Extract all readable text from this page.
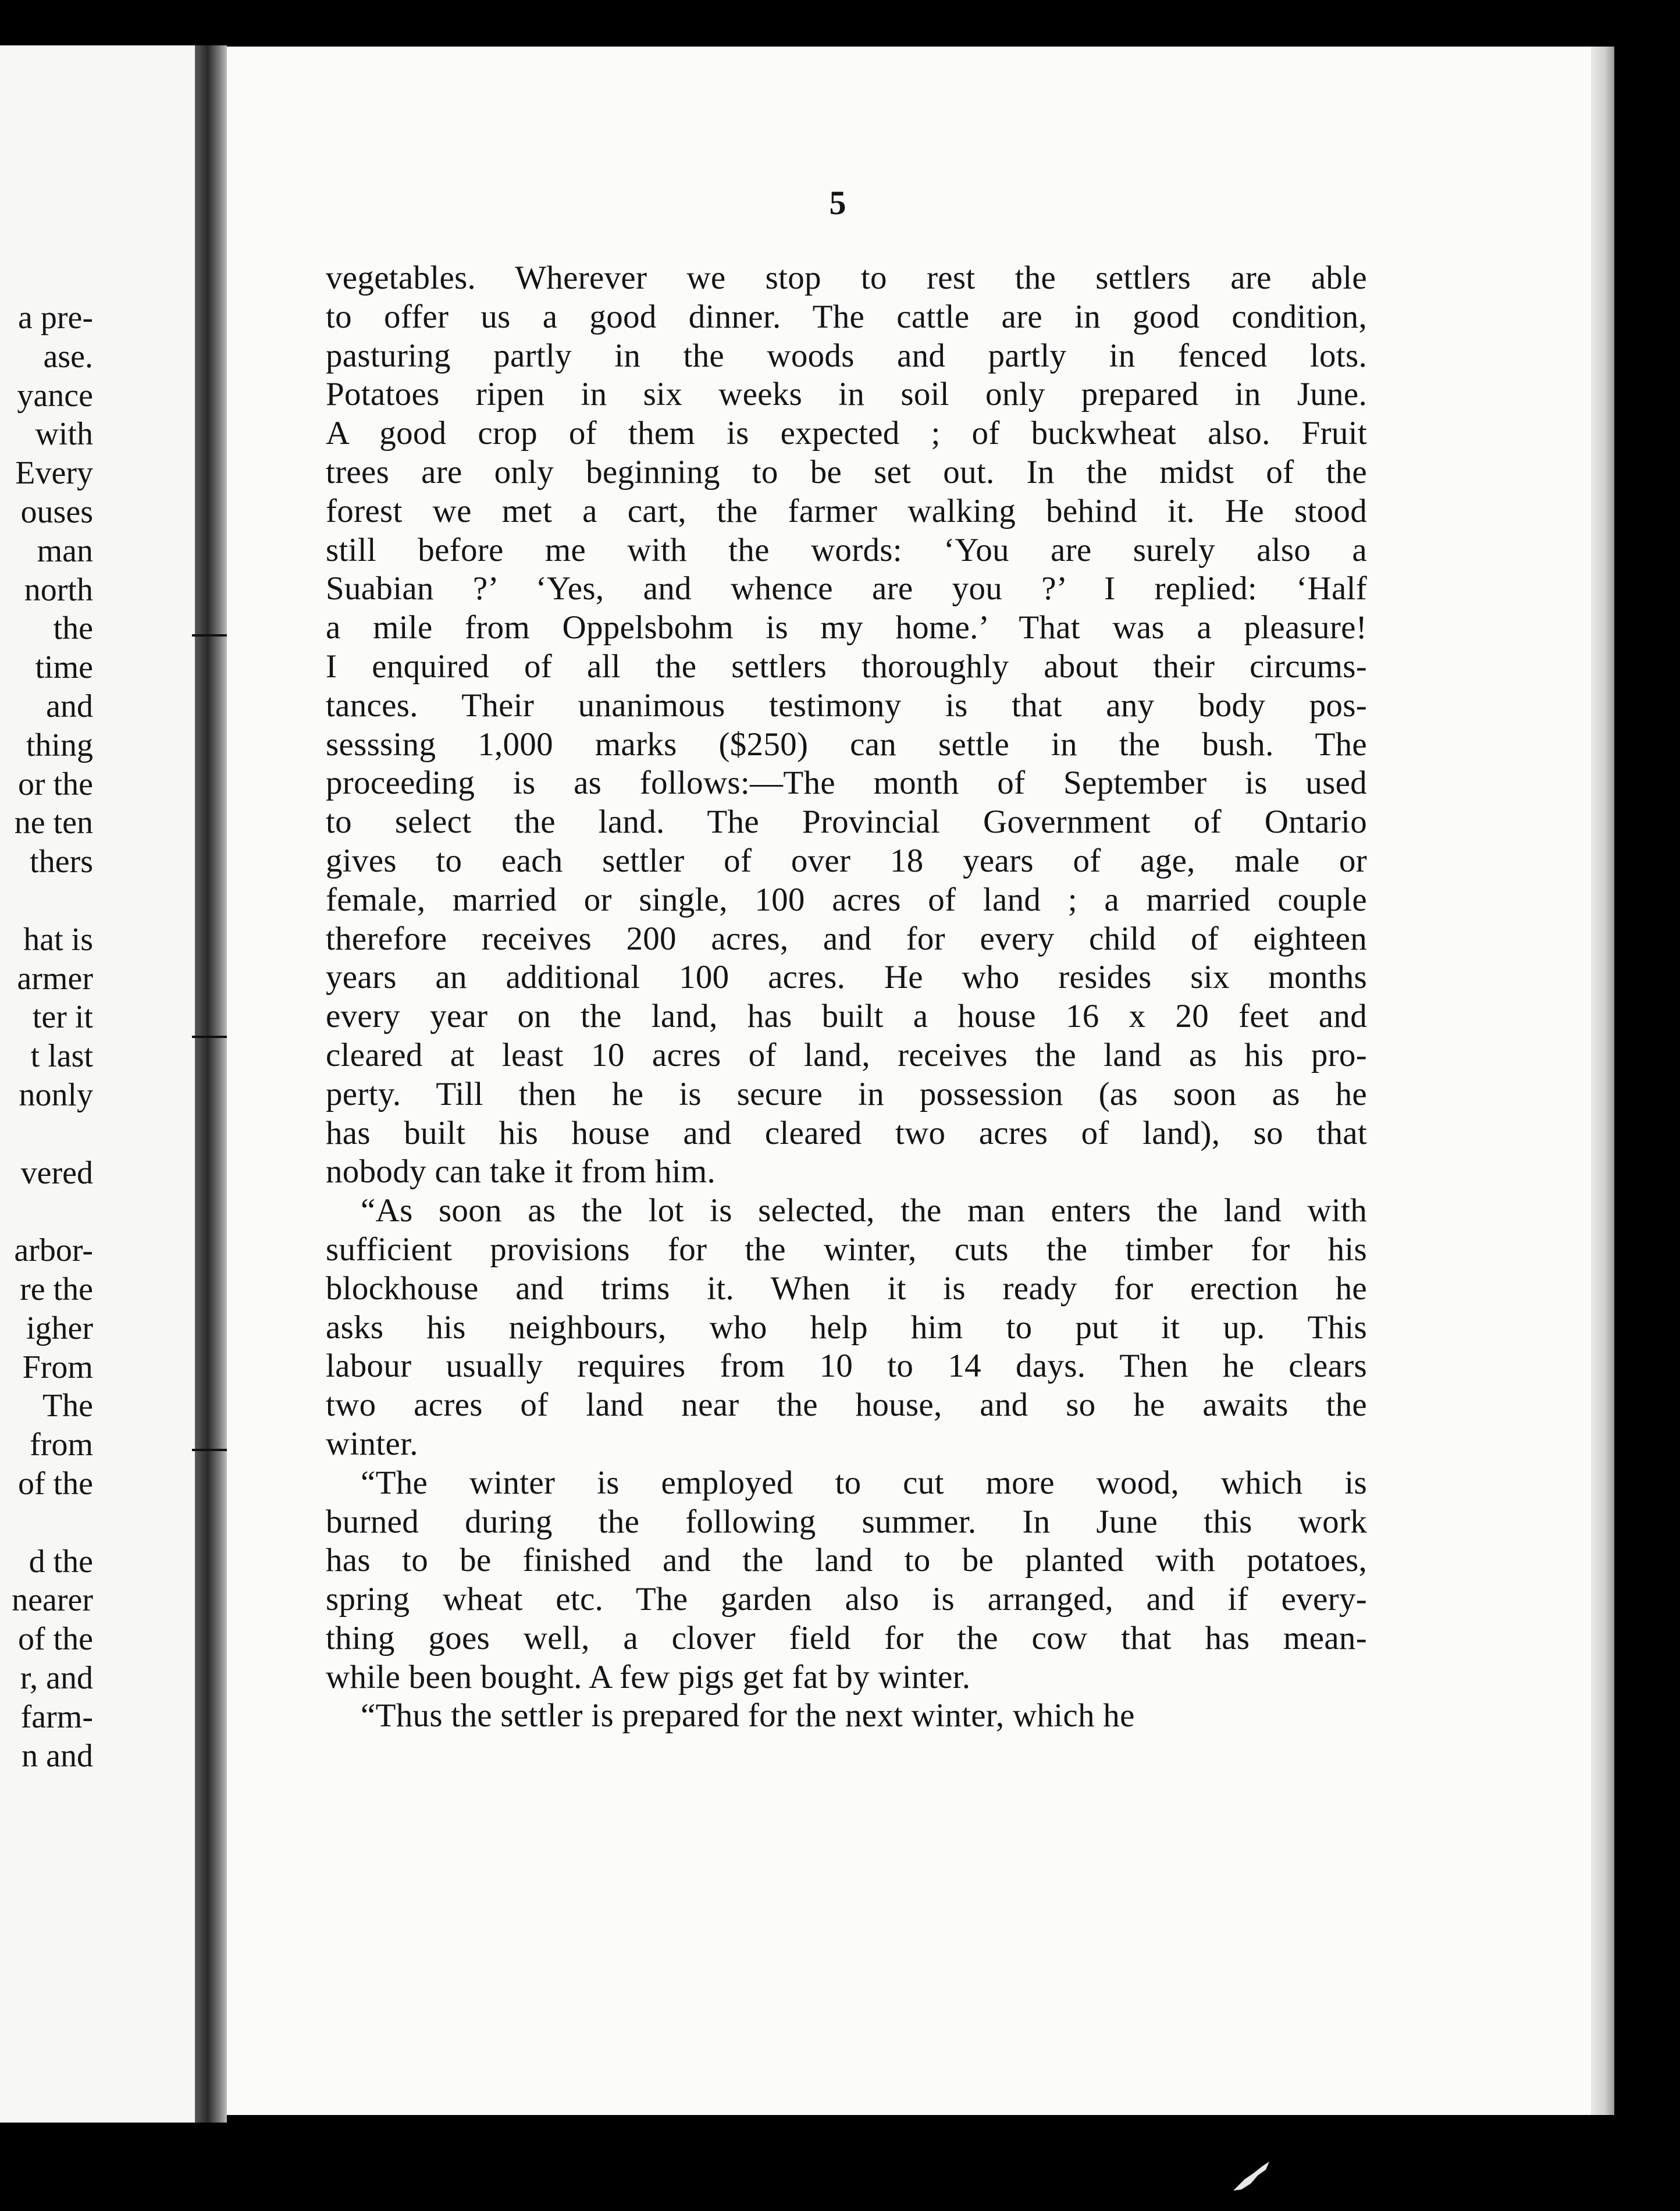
a pre-
ase.
yance
with
Every
ouses
man
north
the
time
and
thing
or the
ne ten
thers
hat is
armer
ter it
t last
nonly
vered
arbor-
re the
igher
From
The
from
of the
d the
nearer
of the
r, and
farm-
n and
5
vegetables. Wherever we stop to rest the settlers are able
to offer us a good dinner. The cattle are in good condition,
pasturing partly in the woods and partly in fenced lots.
Potatoes ripen in six weeks in soil only prepared in June.
A good crop of them is expected ; of buckwheat also. Fruit
trees are only beginning to be set out. In the midst of the
forest we met a cart, the farmer walking behind it. He stood
still before me with the words: ‘You are surely also a
Suabian ?’ ‘Yes, and whence are you ?’ I replied: ‘Half
a mile from Oppelsbohm is my home.’ That was a pleasure!
I enquired of all the settlers thoroughly about their circums-
tances. Their unanimous testimony is that any body pos-
sesssing 1,000 marks ($250) can settle in the bush. The
proceeding is as follows:—The month of September is used
to select the land. The Provincial Government of Ontario
gives to each settler of over 18 years of age, male or
female, married or single, 100 acres of land ; a married couple
therefore receives 200 acres, and for every child of eighteen
years an additional 100 acres. He who resides six months
every year on the land, has built a house 16 x 20 feet and
cleared at least 10 acres of land, receives the land as his pro-
perty. Till then he is secure in possession (as soon as he
has built his house and cleared two acres of land), so that
nobody can take it from him.
“As soon as the lot is selected, the man enters the land with
sufficient provisions for the winter, cuts the timber for his
blockhouse and trims it. When it is ready for erection he
asks his neighbours, who help him to put it up. This
labour usually requires from 10 to 14 days. Then he clears
two acres of land near the house, and so he awaits the
winter.
“The winter is employed to cut more wood, which is
burned during the following summer. In June this work
has to be finished and the land to be planted with potatoes,
spring wheat etc. The garden also is arranged, and if every-
thing goes well, a clover field for the cow that has mean-
while been bought. A few pigs get fat by winter.
“Thus the settler is prepared for the next winter, which he
